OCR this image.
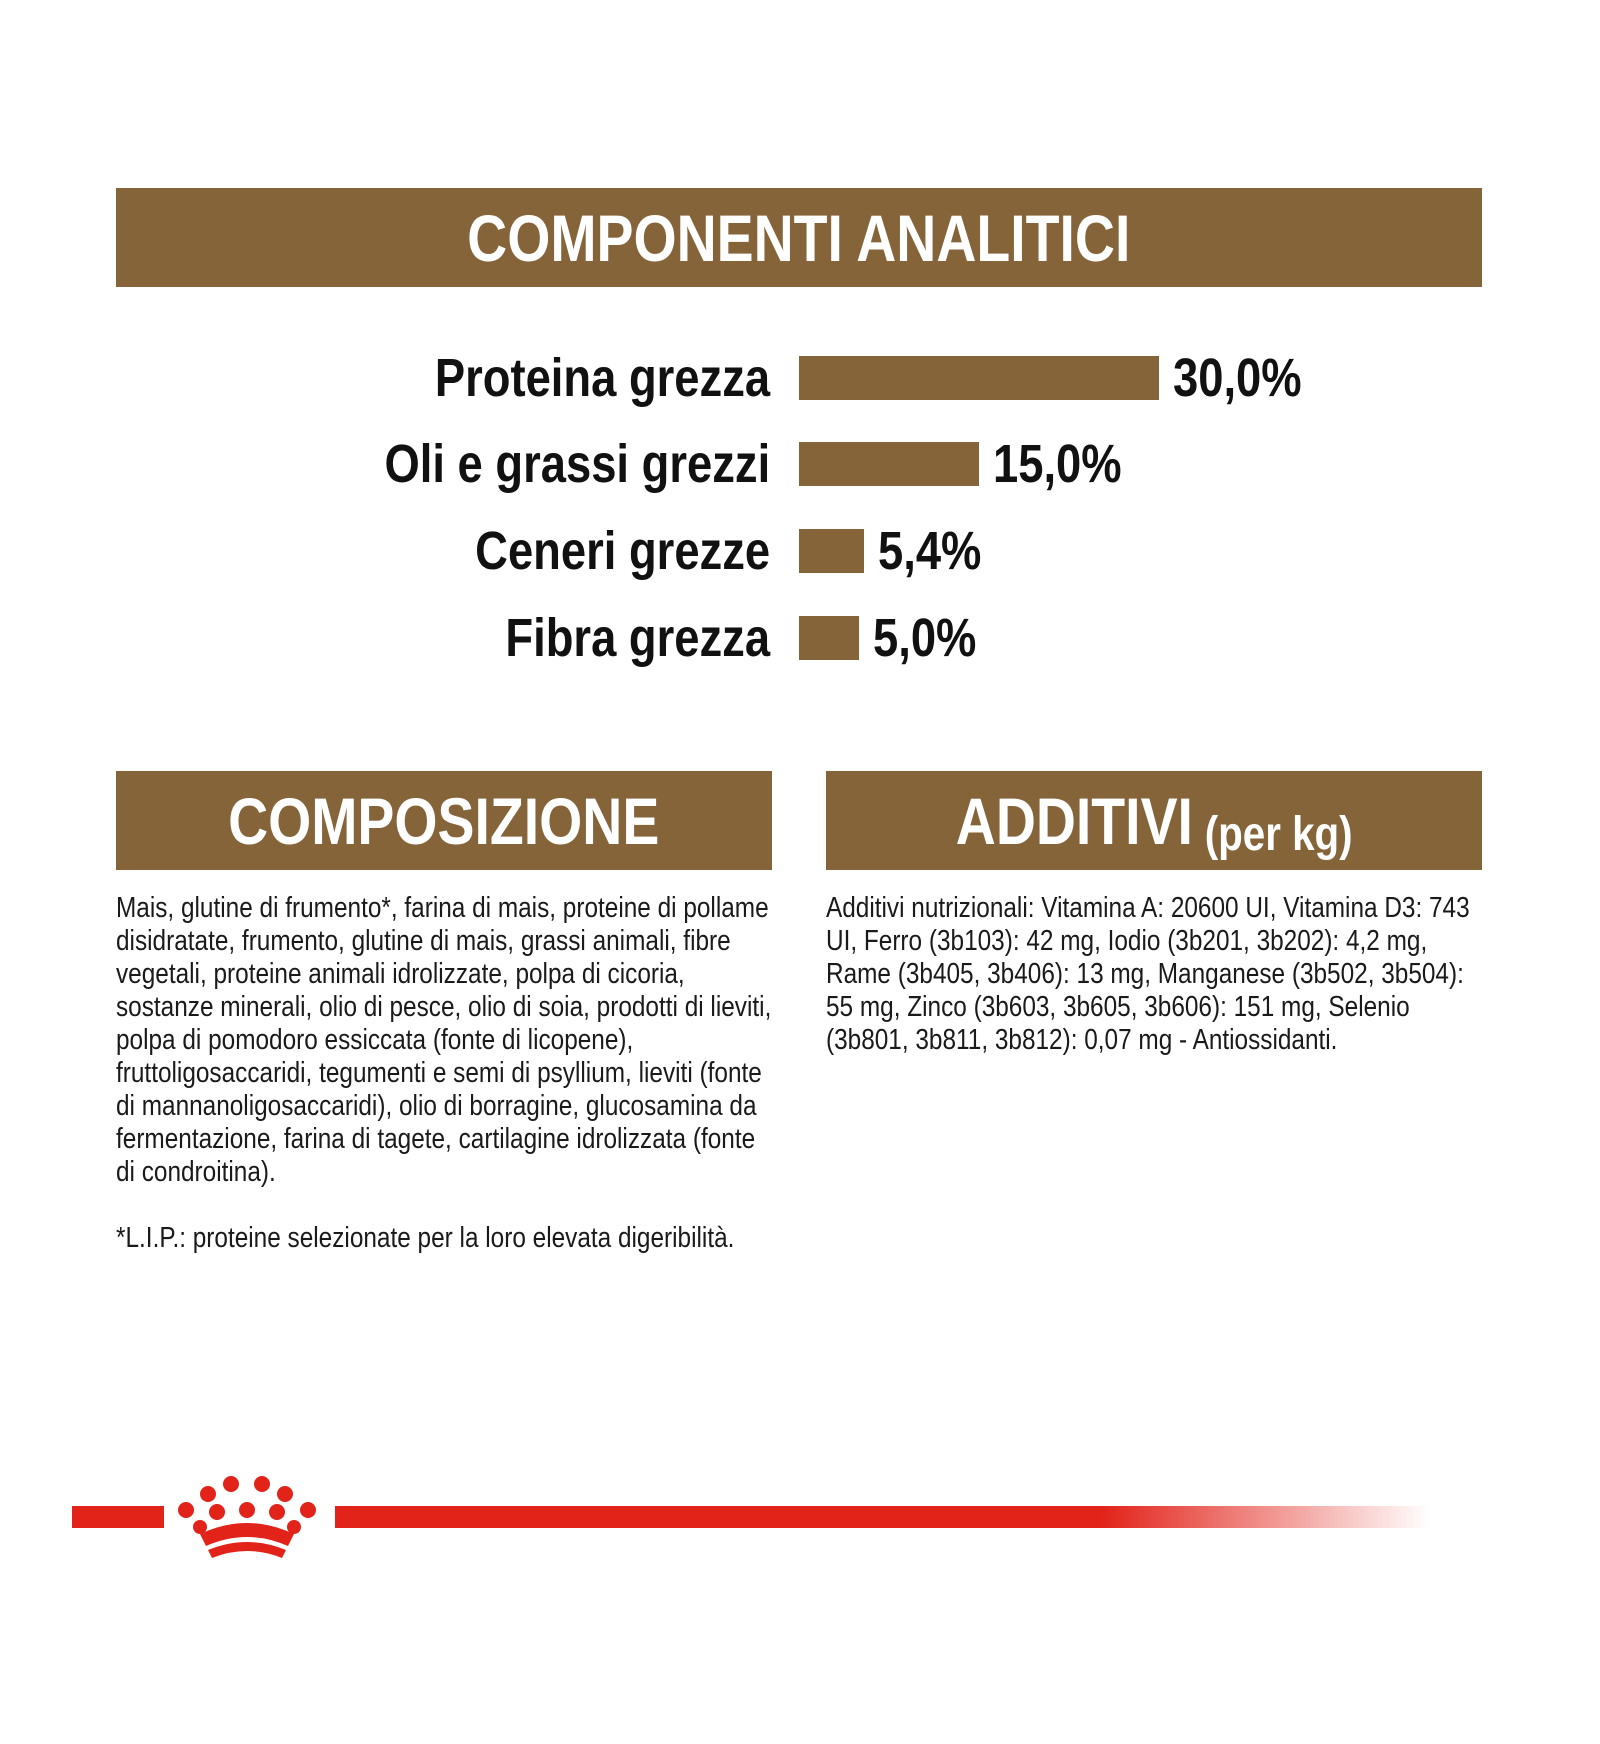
COMPONENTI ANALITICI
Proteina grezza	30,0%
Oli e grassi grezzi	15,0%
Ceneri grezze 5,4%
Fibra grezza 5,0%
COMPOSIZIONE
Mais, glutine di frumento*, farina di mais, proteine di pollame disidratate, frumento, glutine di mais, grassi animali, fibre vegetali, proteine animali idrolizzate, polpa di cicoria, sostanze minerali, olio di pesce, olio di soia, prodotti di lieviti, polpa di pomodoro essiccata (fonte di licopene), fruttoligosaccaridi, tegumenti e semi di psyllium, lieviti (fonte di mannanoligosaccaridi), olio di borragine, glucosamina da fermentazione, farina di tagete, cartilagine idrolizzata (fonte di condroitina).
*L.I.P.: proteine selezionate per la loro elevata digeribilità.
ADDITIVI (per kg)
Additivi nutrizionali: Vitamina A: 20600 UI, Vitamina D3: 743 UI, Ferro (3b103): 42 mg, Iodio (3b201, 3b202): 4,2 mg, Rame (3b405, 3b406): 13 mg, Manganese (3b502, 3b504): 55 mg, Zinco (3b603, 3b605, 3b606): 151 mg, Selenio (3b801, 3b811, 3b812): 0,07 mg - Antiossidanti.
